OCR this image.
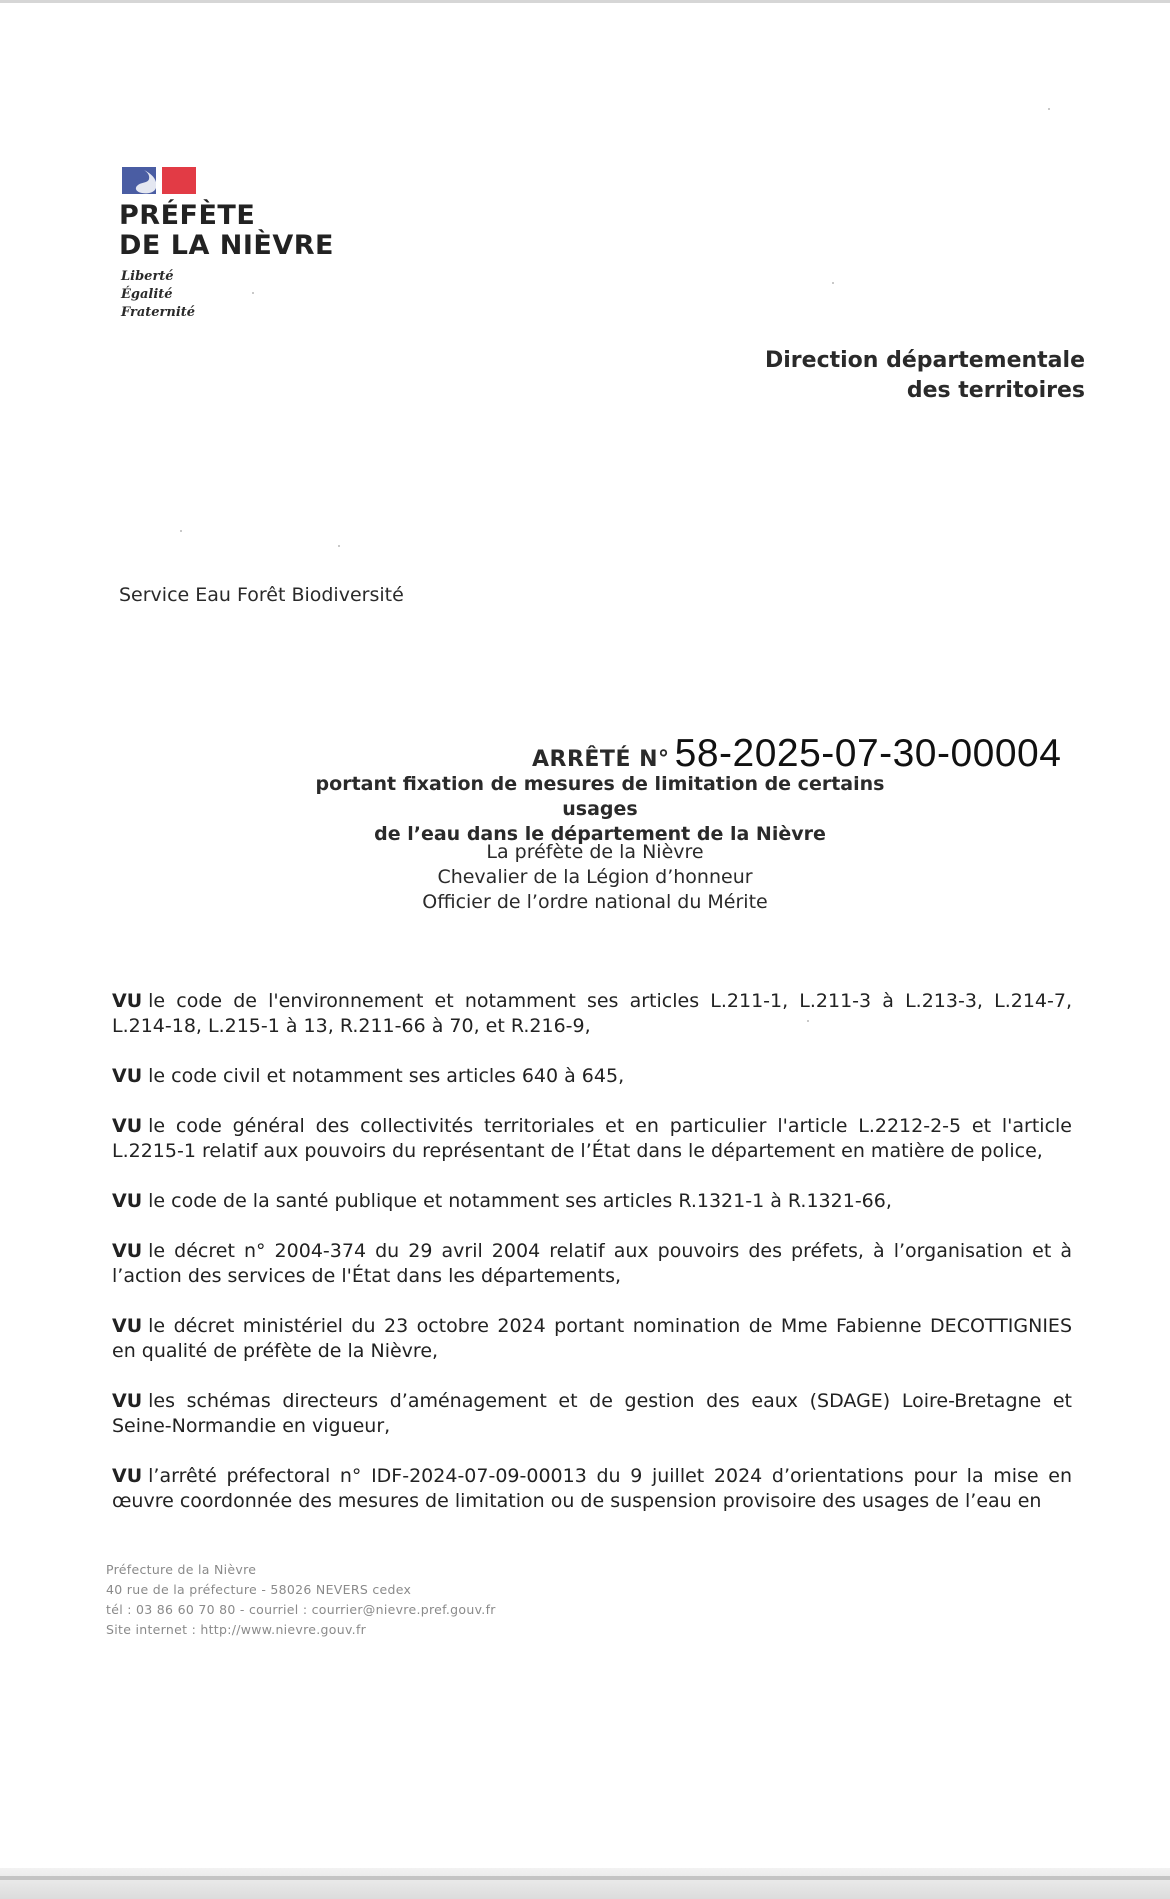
PRÉFÈTE
DE LA NIÈVRE
Liberté
Égalité
Fraternité
Direction départementale
des territoires
Service Eau Forêt Biodiversité
ARRÊTÉ N° 58-2025-07-30-00004
portant fixation de mesures de limitation de certains usages
de l’eau dans le département de la Nièvre
La préfète de la Nièvre
Chevalier de la Légion d’honneur
Officier de l’ordre national du Mérite

VU le code de l'environnement et notamment ses articles L.211-1, L.211-3 à L.213-3, L.214-7, L.214-18, L.215-1 à 13, R.211-66 à 70, et R.216-9,

VU le code civil et notamment ses articles 640 à 645,

VU le code général des collectivités territoriales et en particulier l'article L.2212-2-5 et l'article L.2215-1 relatif aux pouvoirs du représentant de l’État dans le département en matière de police,

VU le code de la santé publique et notamment ses articles R.1321-1 à R.1321-66,

VU le décret n° 2004-374 du 29 avril 2004 relatif aux pouvoirs des préfets, à l’organisation et à l’action des services de l'État dans les départements,

VU le décret ministériel du 23 octobre 2024 portant nomination de Mme Fabienne DECOTTIGNIES en qualité de préfète de la Nièvre,

VU les schémas directeurs d’aménagement et de gestion des eaux (SDAGE) Loire-Bretagne et Seine-Normandie en vigueur,

VU l’arrêté préfectoral n° IDF-2024-07-09-00013 du 9 juillet 2024 d’orientations pour la mise en œuvre coordonnée des mesures de limitation ou de suspension provisoire des usages de l’eau en

Préfecture de la Nièvre
40 rue de la préfecture - 58026 NEVERS cedex
tél : 03 86 60 70 80 - courriel : courrier@nievre.pref.gouv.fr
Site internet : http://www.nievre.gouv.fr
